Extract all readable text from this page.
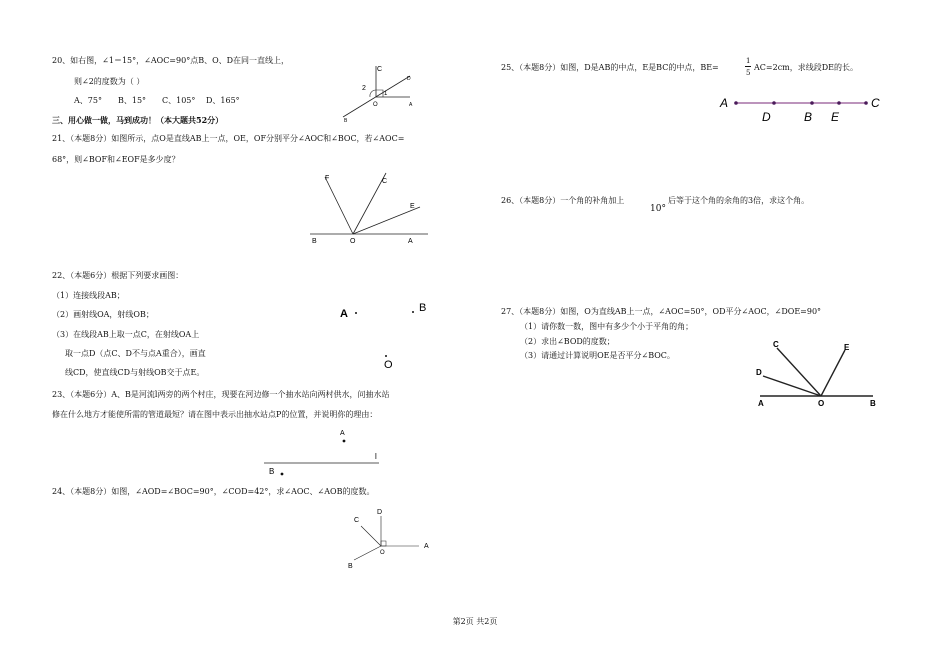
20、如右图，∠1＝15°，∠AOC=90°点B、O、D在同一直线上，
则∠2的度数为（ ）
A、75° B、15° C、105° D、165°
C
2
1
O	A
B
D
三、用心做一做，马到成功！（本大题共52分）
21、（本题8分）如图所示，点O是直线AB上一点，OE，OF分别平分∠AOC和∠BOC，若∠AOC=
68°，则∠BOF和∠EOF是多少度？
F	C
E
B	O	A
22、（本题6分）根据下列要求画图：
（1）连接线段AB；
（2）画射线OA，射线OB；
（3）在线段AB上取一点C，在射线OA上
取一点D（点C、D不与点A重合），画直
线CD，使直线CD与射线OB交于点E。
A	B
O
23、（本题6分）A、B是河流l两旁的两个村庄，现要在河边修一个抽水站向两村供水，问抽水站
修在什么地方才能使所需的管道最短？请在图中表示出抽水站点P的位置，并说明你的理由：
A
l
B
24、（本题8分）如图，∠AOD=∠BOC=90°，∠COD=42°，求∠AOC、∠AOB的度数。
D
C
O
A
B
25、（本题8分）如图，D是AB的中点，E是BC的中点，BE=
1
5
AC=2cm，求线段DE的长。
A
D	B E
C
26、（本题8分）一个角的补角加上
10°
后等于这个角的余角的3倍，求这个角。
27、（本题8分）如图，O为直线AB上一点，∠AOC=50°，OD平分∠AOC，∠DOE=90°
（1）请你数一数，图中有多少个小于平角的角；
（2）求出∠BOD的度数；
（3）请通过计算说明OE是否平分∠BOC。
C	E
D
A	O	B
第2页 共2页
